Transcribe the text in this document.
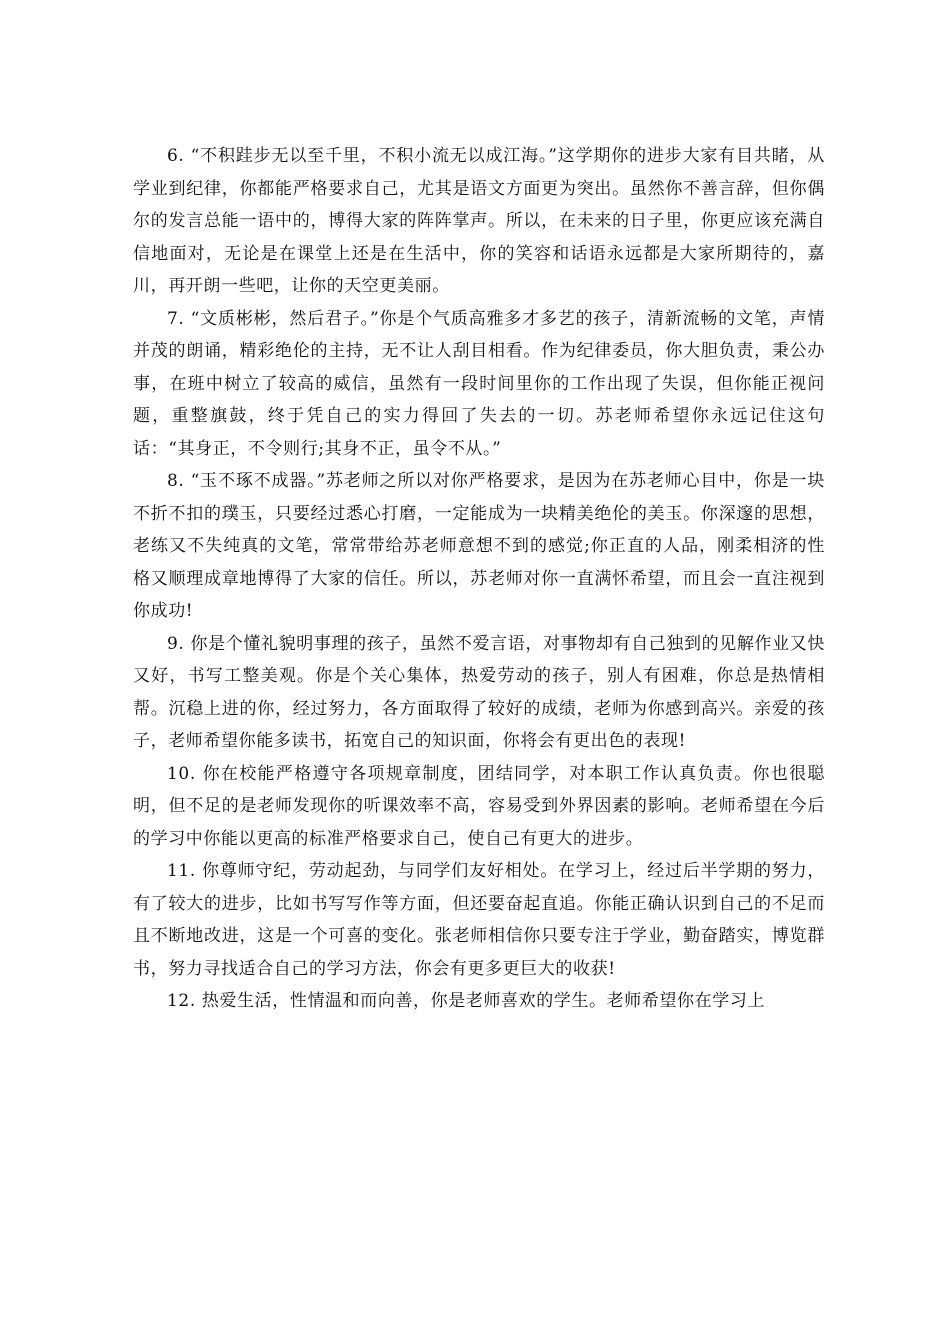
6. “不积跬步无以至千里，不积小流无以成江海。”这学期你的进步大家有目共睹，从学业到纪律，你都能严格要求自己，尤其是语文方面更为突出。虽然你不善言辞，但你偶尔的发言总能一语中的，博得大家的阵阵掌声。所以，在未来的日子里，你更应该充满自信地面对，无论是在课堂上还是在生活中，你的笑容和话语永远都是大家所期待的，嘉川，再开朗一些吧，让你的天空更美丽。

7. “文质彬彬，然后君子。”你是个气质高雅多才多艺的孩子，清新流畅的文笔，声情并茂的朗诵，精彩绝伦的主持，无不让人刮目相看。作为纪律委员，你大胆负责，秉公办事，在班中树立了较高的威信，虽然有一段时间里你的工作出现了失误，但你能正视问题，重整旗鼓，终于凭自己的实力得回了失去的一切。苏老师希望你永远记住这句话：“其身正，不令则行;其身不正，虽令不从。”

8. “玉不琢不成器。”苏老师之所以对你严格要求，是因为在苏老师心目中，你是一块不折不扣的璞玉，只要经过悉心打磨，一定能成为一块精美绝伦的美玉。你深邃的思想，老练又不失纯真的文笔，常常带给苏老师意想不到的感觉;你正直的人品，刚柔相济的性格又顺理成章地博得了大家的信任。所以，苏老师对你一直满怀希望，而且会一直注视到你成功!

9. 你是个懂礼貌明事理的孩子，虽然不爱言语，对事物却有自己独到的见解作业又快又好，书写工整美观。你是个关心集体，热爱劳动的孩子，别人有困难，你总是热情相帮。沉稳上进的你，经过努力，各方面取得了较好的成绩，老师为你感到高兴。亲爱的孩子，老师希望你能多读书，拓宽自己的知识面，你将会有更出色的表现!

10. 你在校能严格遵守各项规章制度，团结同学，对本职工作认真负责。你也很聪明，但不足的是老师发现你的听课效率不高，容易受到外界因素的影响。老师希望在今后的学习中你能以更高的标准严格要求自己，使自己有更大的进步。

11. 你尊师守纪，劳动起劲，与同学们友好相处。在学习上，经过后半学期的努力，有了较大的进步，比如书写写作等方面，但还要奋起直追。你能正确认识到自己的不足而且不断地改进，这是一个可喜的变化。张老师相信你只要专注于学业，勤奋踏实，博览群书，努力寻找适合自己的学习方法，你会有更多更巨大的收获!

12. 热爱生活，性情温和而向善，你是老师喜欢的学生。老师希望你在学习上
